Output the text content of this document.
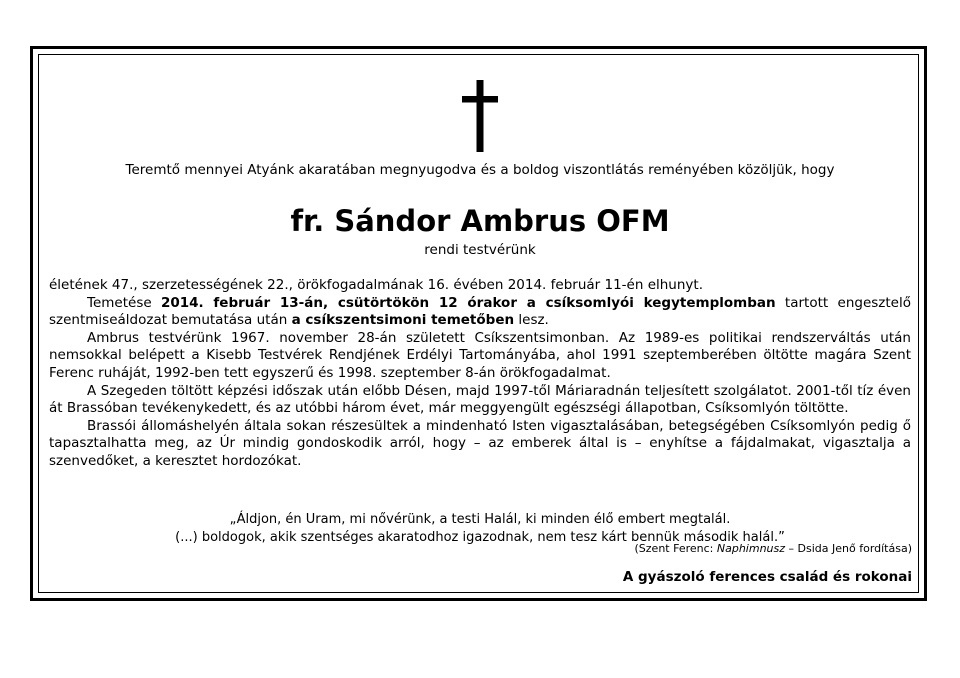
Teremtő mennyei Atyánk akaratában megnyugodva és a boldog viszontlátás reményében közöljük, hogy
fr. Sándor Ambrus OFM
rendi testvérünk

életének 47., szerzetességének 22., örökfogadalmának 16. évében 2014. február 11-én elhunyt.

Temetése 2014. február 13-án, csütörtökön 12 órakor a csíksomlyói kegytemplomban tartott engesztelő szentmiseáldozat bemutatása után a csíkszentsimoni temetőben lesz.

Ambrus testvérünk 1967. november 28-án született Csíkszentsimonban. Az 1989-es politikai rendszerváltás után nemsokkal belépett a Kisebb Testvérek Rendjének Erdélyi Tartományába, ahol 1991 szeptemberében öltötte magára Szent Ferenc ruháját, 1992-ben tett egyszerű és 1998. szeptember 8-án örökfogadalmat.

A Szegeden töltött képzési időszak után előbb Désen, majd 1997-től Máriaradnán teljesített szolgálatot. 2001-től tíz éven át Brassóban tevékenykedett, és az utóbbi három évet, már meggyengült egészségi állapotban, Csíksomlyón töltötte.

Brassói állomáshelyén általa sokan részesültek a mindenható Isten vigasztalásában, betegségében Csíksomlyón pedig ő tapasztalhatta meg, az Úr mindig gondoskodik arról, hogy – az emberek által is – enyhítse a fájdalmakat, vigasztalja a szenvedőket, a keresztet hordozókat.

„Áldjon, én Uram, mi nővérünk, a testi Halál, ki minden élő embert megtalál.
(...) boldogok, akik szentséges akaratodhoz igazodnak, nem tesz kárt bennük második halál.”
(Szent Ferenc: Naphimnusz – Dsida Jenő fordítása)
A gyászoló ferences család és rokonai
